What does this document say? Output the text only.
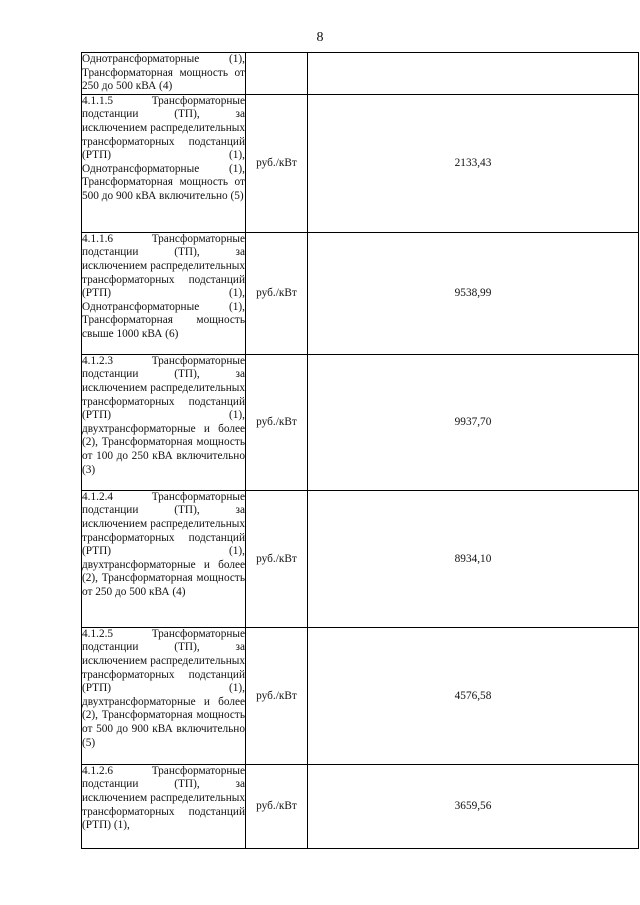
8
Однотрансформаторные (1), Трансформаторная мощность от 250 до 500 кВА (4)		
4.1.1.5 Трансформаторные подстанции (ТП), за исключением распределительных трансформаторных подстанций (РТП) (1), Однотрансформаторные (1), Трансформаторная мощность от 500 до 900 кВА включительно (5)	руб./кВт	2133,43
4.1.1.6 Трансформаторные подстанции (ТП), за исключением распределительных трансформаторных подстанций (РТП) (1), Однотрансформаторные (1), Трансформаторная мощность свыше 1000 кВА (6)	руб./кВт	9538,99
4.1.2.3 Трансформаторные подстанции (ТП), за исключением распределительных трансформаторных подстанций (РТП) (1), двухтрансформаторные и более (2), Трансформаторная мощность от 100 до 250 кВА включительно (3)	руб./кВт	9937,70
4.1.2.4 Трансформаторные подстанции (ТП), за исключением распределительных трансформаторных подстанций (РТП) (1), двухтрансформаторные и более (2), Трансформаторная мощность от 250 до 500 кВА (4)	руб./кВт	8934,10
4.1.2.5 Трансформаторные подстанции (ТП), за исключением распределительных трансформаторных подстанций (РТП) (1), двухтрансформаторные и более (2), Трансформаторная мощность от 500 до 900 кВА включительно (5)	руб./кВт	4576,58
4.1.2.6 Трансформаторные подстанции (ТП), за исключением распределительных трансформаторных подстанций (РТП) (1),	руб./кВт	3659,56
